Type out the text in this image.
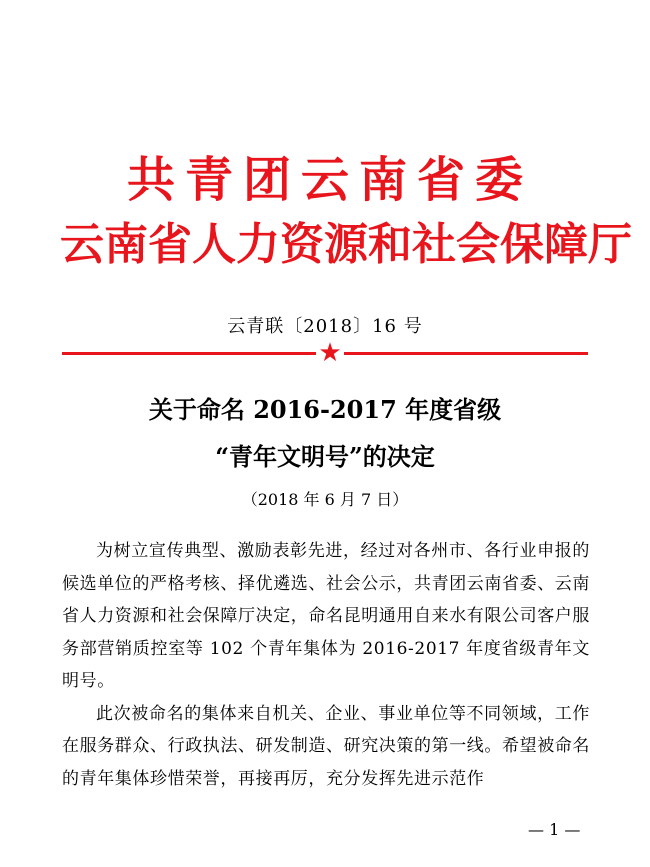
共青团云南省委
云南省人力资源和社会保障厅
云青联〔2018〕16 号
★
关于命名 2016-2017 年度省级
“青年文明号”的决定
（2018 年 6 月 7 日）

为树立宣传典型、激励表彰先进，经过对各州市、各行业申报的候选单位的严格考核、择优遴选、社会公示，共青团云南省委、云南省人力资源和社会保障厅决定，命名昆明通用自来水有限公司客户服务部营销质控室等 102 个青年集体为 2016-2017 年度省级青年文明号。

此次被命名的集体来自机关、企业、事业单位等不同领域，工作在服务群众、行政执法、研发制造、研究决策的第一线。希望被命名的青年集体珍惜荣誉，再接再厉，充分发挥先进示范作

— 1 —
